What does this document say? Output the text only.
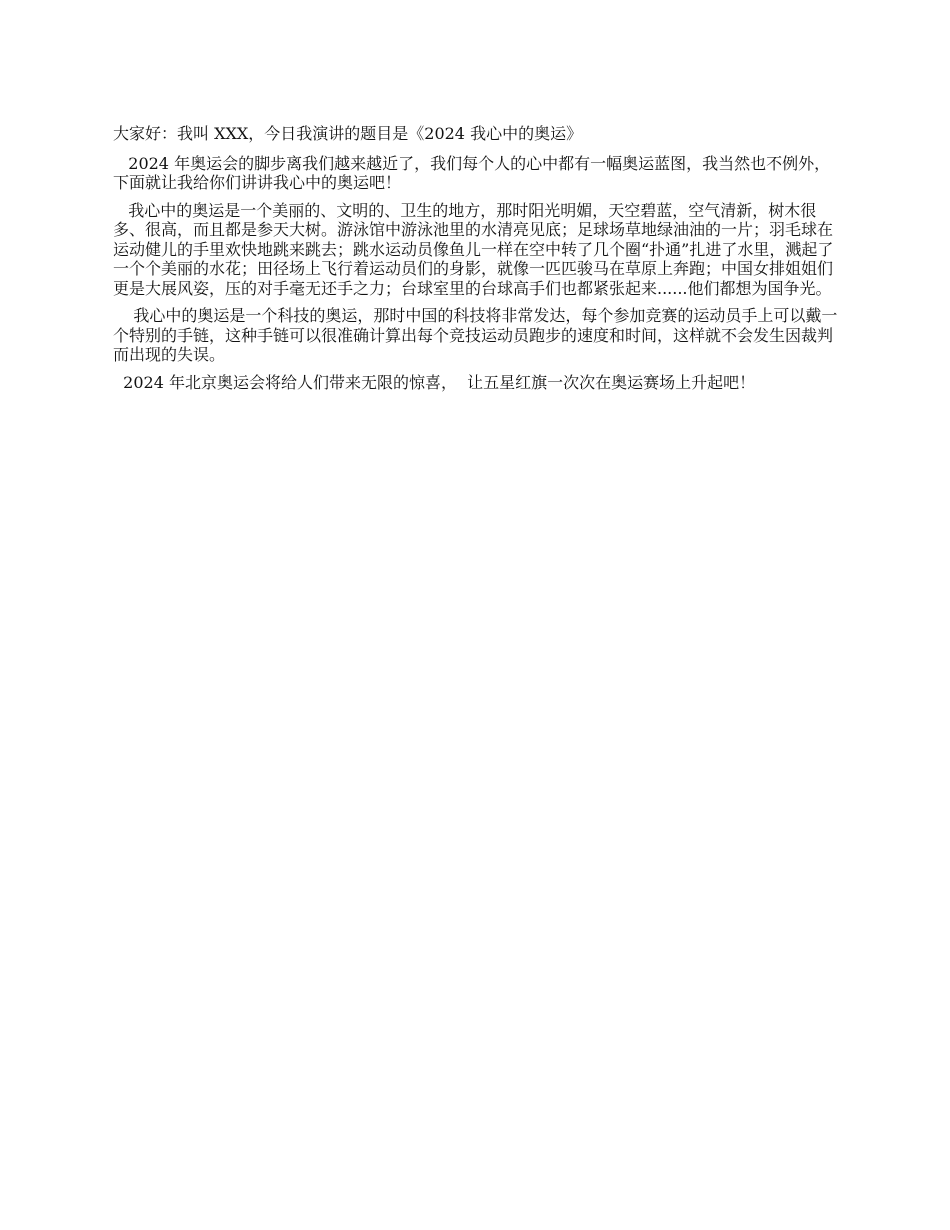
大家好：我叫 XXX，今日我演讲的题目是《2024 我心中的奥运》

2024 年奥运会的脚步离我们越来越近了，我们每个人的心中都有一幅奥运蓝图，我当然也不例外，下面就让我给你们讲讲我心中的奥运吧！

我心中的奥运是一个美丽的、文明的、卫生的地方，那时阳光明媚，天空碧蓝，空气清新，树木很多、很高，而且都是参天大树。游泳馆中游泳池里的水清亮见底；足球场草地绿油油的一片；羽毛球在运动健儿的手里欢快地跳来跳去；跳水运动员像鱼儿一样在空中转了几个圈“扑通”扎进了水里，溅起了一个个美丽的水花；田径场上飞行着运动员们的身影，就像一匹匹骏马在草原上奔跑；中国女排姐姐们更是大展风姿，压的对手毫无还手之力；台球室里的台球高手们也都紧张起来......他们都想为国争光。

我心中的奥运是一个科技的奥运，那时中国的科技将非常发达，每个参加竞赛的运动员手上可以戴一个特别的手链，这种手链可以很准确计算出每个竞技运动员跑步的速度和时间，这样就不会发生因裁判而出现的失误。

2024 年北京奥运会将给人们带来无限的惊喜，  让五星红旗一次次在奥运赛场上升起吧！
